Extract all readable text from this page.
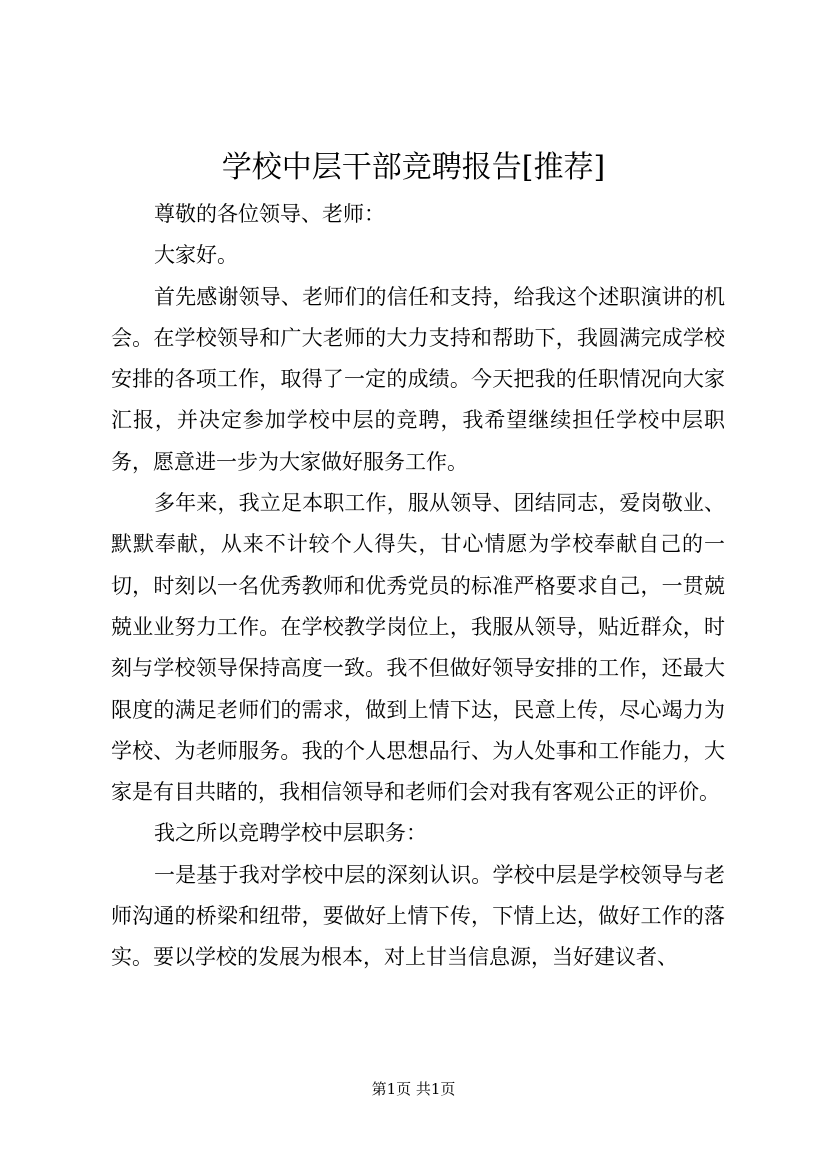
学校中层干部竞聘报告[推荐]

尊敬的各位领导、老师：

大家好。

首先感谢领导、老师们的信任和支持，给我这个述职演讲的机会。在学校领导和广大老师的大力支持和帮助下，我圆满完成学校安排的各项工作，取得了一定的成绩。今天把我的任职情况向大家汇报，并决定参加学校中层的竞聘，我希望继续担任学校中层职务，愿意进一步为大家做好服务工作。

多年来，我立足本职工作，服从领导、团结同志，爱岗敬业、默默奉献，从来不计较个人得失，甘心情愿为学校奉献自己的一切，时刻以一名优秀教师和优秀党员的标准严格要求自己，一贯兢兢业业努力工作。在学校教学岗位上，我服从领导，贴近群众，时刻与学校领导保持高度一致。我不但做好领导安排的工作，还最大限度的满足老师们的需求，做到上情下达，民意上传，尽心竭力为学校、为老师服务。我的个人思想品行、为人处事和工作能力，大家是有目共睹的，我相信领导和老师们会对我有客观公正的评价。

我之所以竞聘学校中层职务：

一是基于我对学校中层的深刻认识。学校中层是学校领导与老师沟通的桥梁和纽带，要做好上情下传，下情上达，做好工作的落实。要以学校的发展为根本，对上甘当信息源，当好建议者、

第1页 共1页
